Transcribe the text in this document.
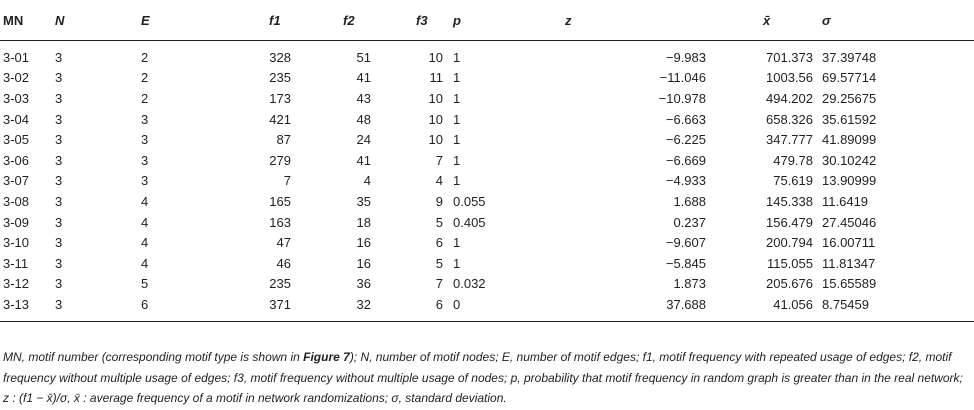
MN	N	E	f1	f2	f3	p	z	x̄	σ
3-01	3	2	328	51	10	1	−9.983	701.373	37.39748
3-02	3	2	235	41	11	1	−11.046	1003.56	69.57714
3-03	3	2	173	43	10	1	−10.978	494.202	29.25675
3-04	3	3	421	48	10	1	−6.663	658.326	35.61592
3-05	3	3	87	24	10	1	−6.225	347.777	41.89099
3-06	3	3	279	41	7	1	−6.669	479.78	30.10242
3-07	3	3	7	4	4	1	−4.933	75.619	13.90999
3-08	3	4	165	35	9	0.055	1.688	145.338	11.6419
3-09	3	4	163	18	5	0.405	0.237	156.479	27.45046
3-10	3	4	47	16	6	1	−9.607	200.794	16.00711
3-11	3	4	46	16	5	1	−5.845	115.055	11.81347
3-12	3	5	235	36	7	0.032	1.873	205.676	15.65589
3-13	3	6	371	32	6	0	37.688	41.056	8.75459
MN, motif number (corresponding motif type is shown in Figure 7); N, number of motif nodes; E, number of motif edges; f1, motif frequency with repeated usage of edges; f2, motif frequency without multiple usage of edges; f3, motif frequency without multiple usage of nodes; p, probability that motif frequency in random graph is greater than in the real network; z : (f1 − x̄)/σ, x̄ : average frequency of a motif in network randomizations; σ, standard deviation.
